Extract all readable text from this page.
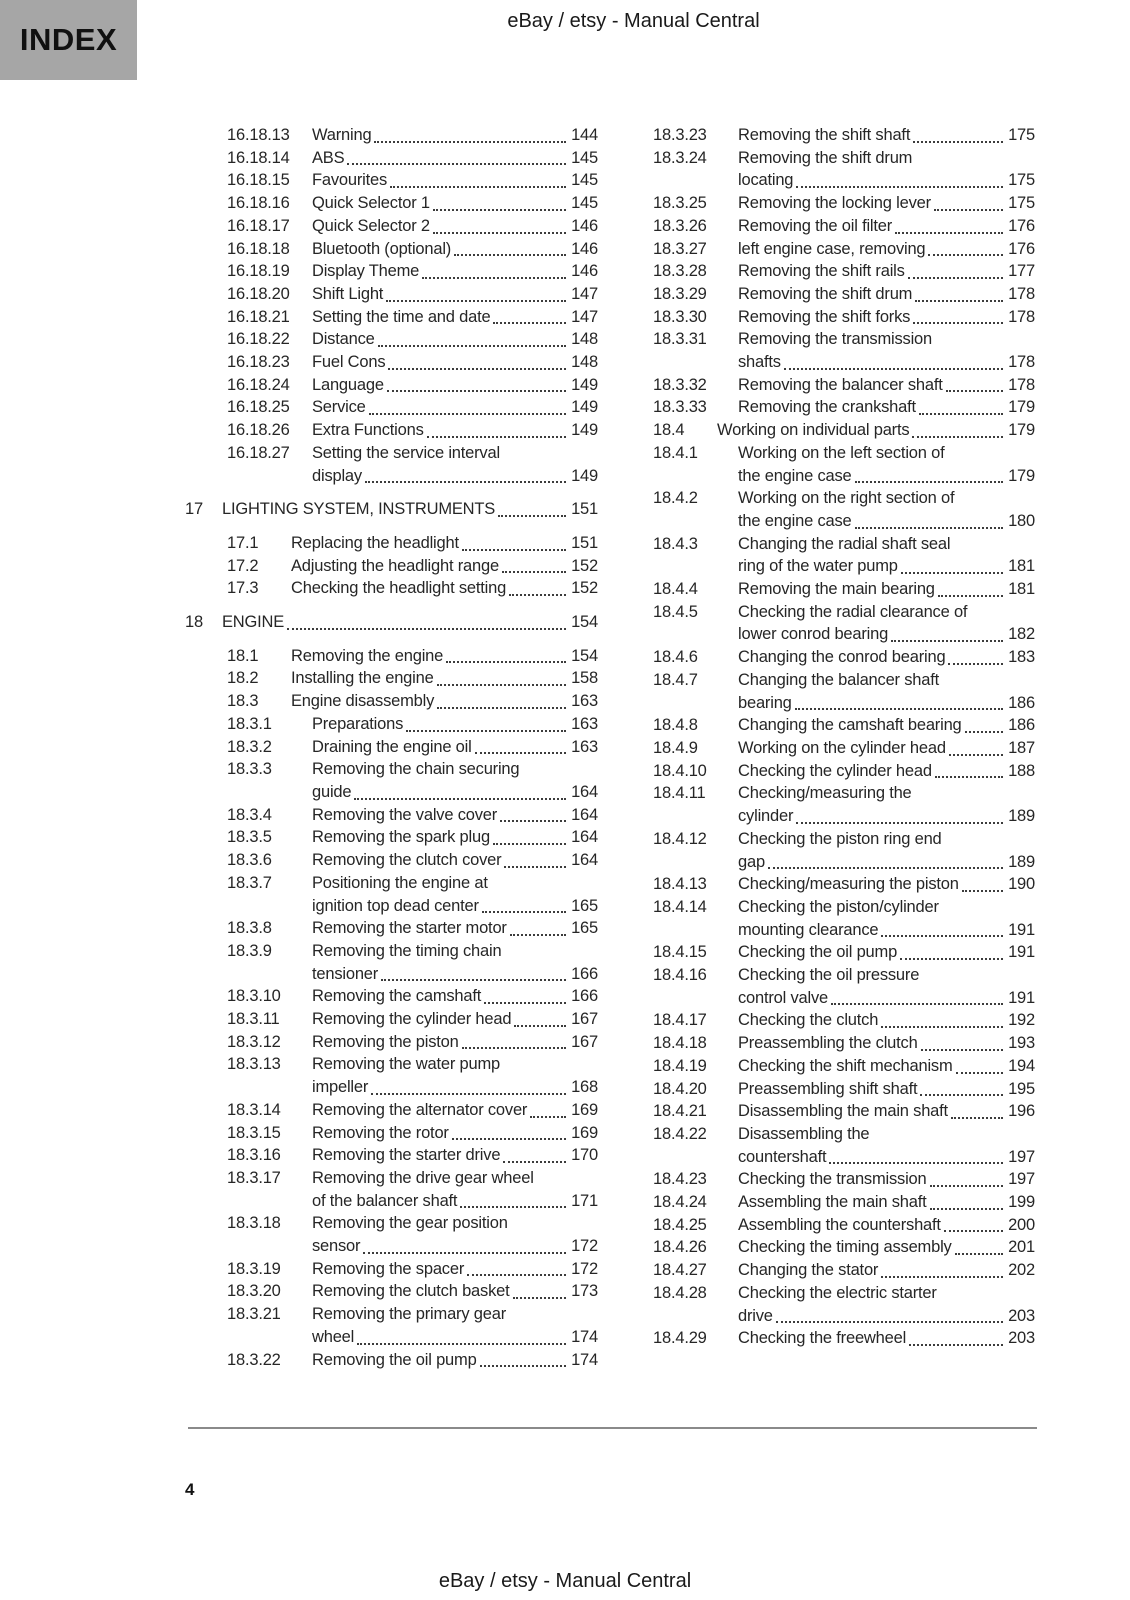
INDEX
eBay / etsy - Manual Central
16.18.13	Warning	144
16.18.14	ABS	145
16.18.15	Favourites	145
16.18.16	Quick Selector 1	145
16.18.17	Quick Selector 2	146
16.18.18	Bluetooth (optional)	146
16.18.19	Display Theme	146
16.18.20	Shift Light	147
16.18.21	Setting the time and date	147
16.18.22	Distance	148
16.18.23	Fuel Cons	148
16.18.24	Language	149
16.18.25	Service	149
16.18.26	Extra Functions	149
16.18.27	Setting the service interval
display	149
17	LIGHTING SYSTEM, INSTRUMENTS	151
17.1	Replacing the headlight	151
17.2	Adjusting the headlight range	152
17.3	Checking the headlight setting	152
18	ENGINE	154
18.1	Removing the engine	154
18.2	Installing the engine	158
18.3	Engine disassembly	163
18.3.1	Preparations	163
18.3.2	Draining the engine oil	163
18.3.3	Removing the chain securing
guide	164
18.3.4	Removing the valve cover	164
18.3.5	Removing the spark plug	164
18.3.6	Removing the clutch cover	164
18.3.7	Positioning the engine at
ignition top dead center	165
18.3.8	Removing the starter motor	165
18.3.9	Removing the timing chain
tensioner	166
18.3.10	Removing the camshaft	166
18.3.11	Removing the cylinder head	167
18.3.12	Removing the piston	167
18.3.13	Removing the water pump
impeller	168
18.3.14	Removing the alternator cover	169
18.3.15	Removing the rotor	169
18.3.16	Removing the starter drive	170
18.3.17	Removing the drive gear wheel
of the balancer shaft	171
18.3.18	Removing the gear position
sensor	172
18.3.19	Removing the spacer	172
18.3.20	Removing the clutch basket	173
18.3.21	Removing the primary gear
wheel	174
18.3.22	Removing the oil pump	174
18.3.23	Removing the shift shaft	175
18.3.24	Removing the shift drum
locating	175
18.3.25	Removing the locking lever	175
18.3.26	Removing the oil filter	176
18.3.27	left engine case, removing	176
18.3.28	Removing the shift rails	177
18.3.29	Removing the shift drum	178
18.3.30	Removing the shift forks	178
18.3.31	Removing the transmission
shafts	178
18.3.32	Removing the balancer shaft	178
18.3.33	Removing the crankshaft	179
18.4	Working on individual parts	179
18.4.1	Working on the left section of
the engine case	179
18.4.2	Working on the right section of
the engine case	180
18.4.3	Changing the radial shaft seal
ring of the water pump	181
18.4.4	Removing the main bearing	181
18.4.5	Checking the radial clearance of
lower conrod bearing	182
18.4.6	Changing the conrod bearing	183
18.4.7	Changing the balancer shaft
bearing	186
18.4.8	Changing the camshaft bearing	186
18.4.9	Working on the cylinder head	187
18.4.10	Checking the cylinder head	188
18.4.11	Checking/measuring the
cylinder	189
18.4.12	Checking the piston ring end
gap	189
18.4.13	Checking/measuring the piston	190
18.4.14	Checking the piston/cylinder
mounting clearance	191
18.4.15	Checking the oil pump	191
18.4.16	Checking the oil pressure
control valve	191
18.4.17	Checking the clutch	192
18.4.18	Preassembling the clutch	193
18.4.19	Checking the shift mechanism	194
18.4.20	Preassembling shift shaft	195
18.4.21	Disassembling the main shaft	196
18.4.22	Disassembling the
countershaft	197
18.4.23	Checking the transmission	197
18.4.24	Assembling the main shaft	199
18.4.25	Assembling the countershaft	200
18.4.26	Checking the timing assembly	201
18.4.27	Changing the stator	202
18.4.28	Checking the electric starter
drive	203
18.4.29	Checking the freewheel	203
4
eBay / etsy - Manual Central
